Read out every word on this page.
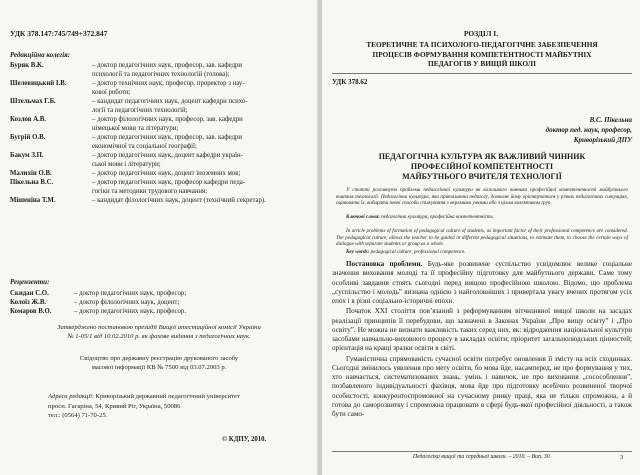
УДК 378.147:745/749+372.847
Редакційна колегія:
Буряк В.К.	– доктор педагогічних наук, професор, зав. кафедри
психології та педагогічних технологій (голова);
Шелевицький І.В.	– доктор технічних наук, професор, проректор з нау-
кової роботи;
Штельмах Г.Б.	– кандидат педагогічних наук, доцент кафедри психо-
логії та педагогічних технологій;
Козлов А.В.	– доктор філологічних наук, професор, зав. кафедри
німецької мови та літератури;
Бугрій О.В.	– доктор педагогічних наук, професор, зав. кафедри
економічної та соціальної географії;
Бакум З.П.	– доктор педагогічних наук, доцент кафедри україн-
ської мови і літератури;
Малихін О.В.	– доктор педагогічних наук, доцент іноземних мов;
Пікельна В.С.	– доктор педагогічних наук, професор кафедри педа-
гогіки та методики трудового навчання;
Мішеніна Т.М.	– кандидат філологічних наук, доцент (технічний секретар).
Рецензенти:
Скидан С.О.	– доктор педагогічних наук, професор;
Колоїз Ж.В.	– доктор філологічних наук, доцент;
Комаров В.О.	– доктор педагогічних наук, професор.
Затверджено постановою президії Вищої атестаційної комісії України
№ 1-05/1 від 10.02.2010 р. як фахове видання з педагогічних наук.
Свідоцтво про державну реєстрацію друкованого засобу
масової інформації КВ № 7500 від 03.07.2003 р.
Адреса редакції: Криворізький державний педагогічний університет
просп. Гагаріна, 54, Кривий Ріг, Україна, 50086
тел.: (0564) 71-70-25.
© КДПУ, 2010.
РОЗДІЛ І.
ТЕОРЕТИЧНЕ ТА ПСИХОЛОГО-ПЕДАГОГІЧНЕ ЗАБЕЗПЕЧЕННЯ
ПРОЦЕСІВ ФОРМУВАННЯ КОМПЕТЕНТНОСТІ МАЙБУТНІХ
ПЕДАГОГІВ У ВИЩІЙ ШКОЛІ
УДК 378.62
В.С. Пікельна
доктор пед. наук, професор,
Криворізький ДПУ
ПЕДАГОГІЧНА КУЛЬТУРА ЯК ВАЖЛИВИЙ ЧИННИК
ПРОФЕСІЙНОЇ КОМПЕТЕНТНОСТІ
МАЙБУТНЬОГО ВЧИТЕЛЯ ТЕХНОЛОГІЇ
У статті розглянуто проблеми педагогічної культури як важливого чинника професійної компетентності майбутнього вчителя технології. Педагогічна культура, яка притаманна педагогу, дозволяє йому орієнтуватися у різних педагогічних ситуаціях, оцінювати їх, вибирати певні способи спілкування з окремими учнями або з цілим колективом груп.
Ключові слова: педагогічна культура, професійна компетентність.
In article problems of formation of pedagogical culture of students, as important factor of their professional competence are considered. The pedagogical culture, allows the teacher to be guided in different pedagogical situations, to estimate them, to choose the certain ways of dialogue with separate students or group as a whole.
Key words: pedagogical culture, professional competence.

Постановка проблеми. Будь-яке розвинене суспільство усвідомлює велике соціальне значення виховання молоді та її професійну підготовку для майбутнього держави. Саме тому особливі завдання стоять сьогодні перед вищою професійною школою. Відомо, що проблема „суспільство і молодь” визнана однією з найголовніших і привертала увагу вчених протягом усіх епох і в різні соціально-історичні епохи.

Початок XXI століття пов’язаний з реформуванням вітчизняної вищої школи на засадах реалізації принципів її перебудови, що зазначені в Законах України „Про вищу освіту” і „Про освіту”. Не можна не визнати важливість таких серед них, як: відродження національної культури засобами навчально-виховного процесу в закладах освіти; пріоритет загальнолюдських цінностей; орієнтація на кращі зразки освіти в світі.

Гуманістична спрямованість сучасної освіти потребує оновлення її змісту на всіх сходинках. Сьогодні змінилось уявлення про мету освіти, бо мова йде, насамперед, не про формування у тих, хто навчається, систематизованих знань, умінь і навичок, не про виховання „сосособлення”, позбавленого індивідуальності фахівця, мова йде про підготовку всебічно розвиненої творчої особистості, конкурентоспроможної на сучасному ринку праці, яка не тільки спроможна, а й готова до саморозвитку і спроможна працювати в сфері будь-якої професійної діяльності, а також бути само-

Педагогіка вищої та середньої школи. – 2010. – Вип. 30.	3
